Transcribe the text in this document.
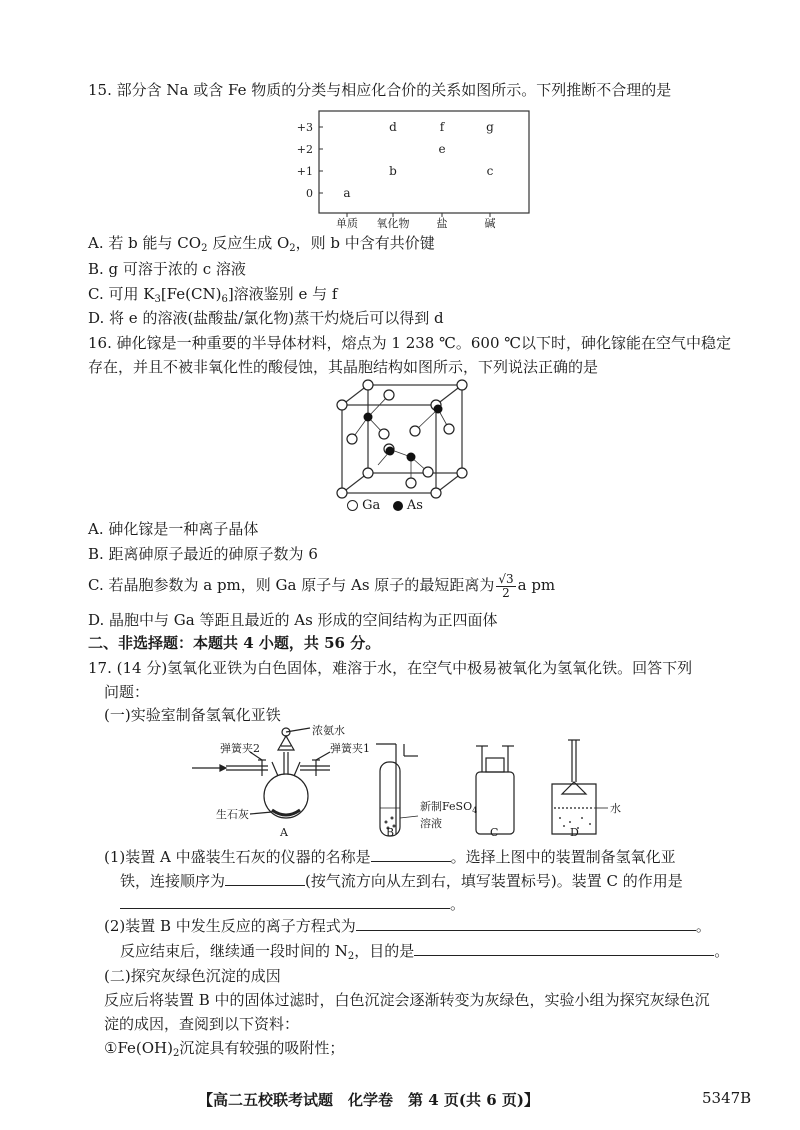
15. 部分含 Na 或含 Fe 物质的分类与相应化合价的关系如图所示。下列推断不合理的是
+3
+2
+1
0
单质 氧化物 盐	碱
a
b
d
e
f
c
g
A. 若 b 能与 $CO_2$ 反应生成 $O_2$，则 b 中含有共价键
B. g 可溶于浓的 c 溶液
C. 可用 $K_3[Fe(CN)_6]$溶液鉴别 e 与 f
D. 将 e 的溶液(盐酸盐/氯化物)蒸干灼烧后可以得到 d
16. 砷化镓是一种重要的半导体材料，熔点为 1 238 ℃。600 ℃以下时，砷化镓能在空气中稳定
存在，并且不被非氧化性的酸侵蚀，其晶胞结构如图所示，下列说法正确的是
Ga As
A. 砷化镓是一种离子晶体
B. 距离砷原子最近的砷原子数为 6
C. 若晶胞参数为 a pm，则 Ga 原子与 As 原子的最短距离为 $\frac{√3}{2}$ a pm
D. 晶胞中与 Ga 等距且最近的 As 形成的空间结构为正四面体
二、非选择题：本题共 4 小题，共 56 分。
17. (14 分)氢氧化亚铁为白色固体，难溶于水，在空气中极易被氧化为氢氧化铁。回答下列
问题：
(一)实验室制备氢氧化亚铁
浓氨水
弹簧夹2	弹簧夹1
生石灰
新制FeSO$_4$
溶液
水
A	B	C	D
(1)装置 A 中盛装生石灰的仪器的名称是	。选择上图中的装置制备氢氧化亚
铁，连接顺序为	(按气流方向从左到右，填写装置标号)。装置 C 的作用是
。
(2)装置 B 中发生反应的离子方程式为	。
反应结束后，继续通一段时间的 $N_2$，目的是	。
(二)探究灰绿色沉淀的成因
反应后将装置 B 中的固体过滤时，白色沉淀会逐渐转变为灰绿色，实验小组为探究灰绿色沉
淀的成因，查阅到以下资料：
$①Fe(OH)_2$沉淀具有较强的吸附性；
【高二五校联考试题　化学卷　第 4 页(共 6 页)】	5347B
